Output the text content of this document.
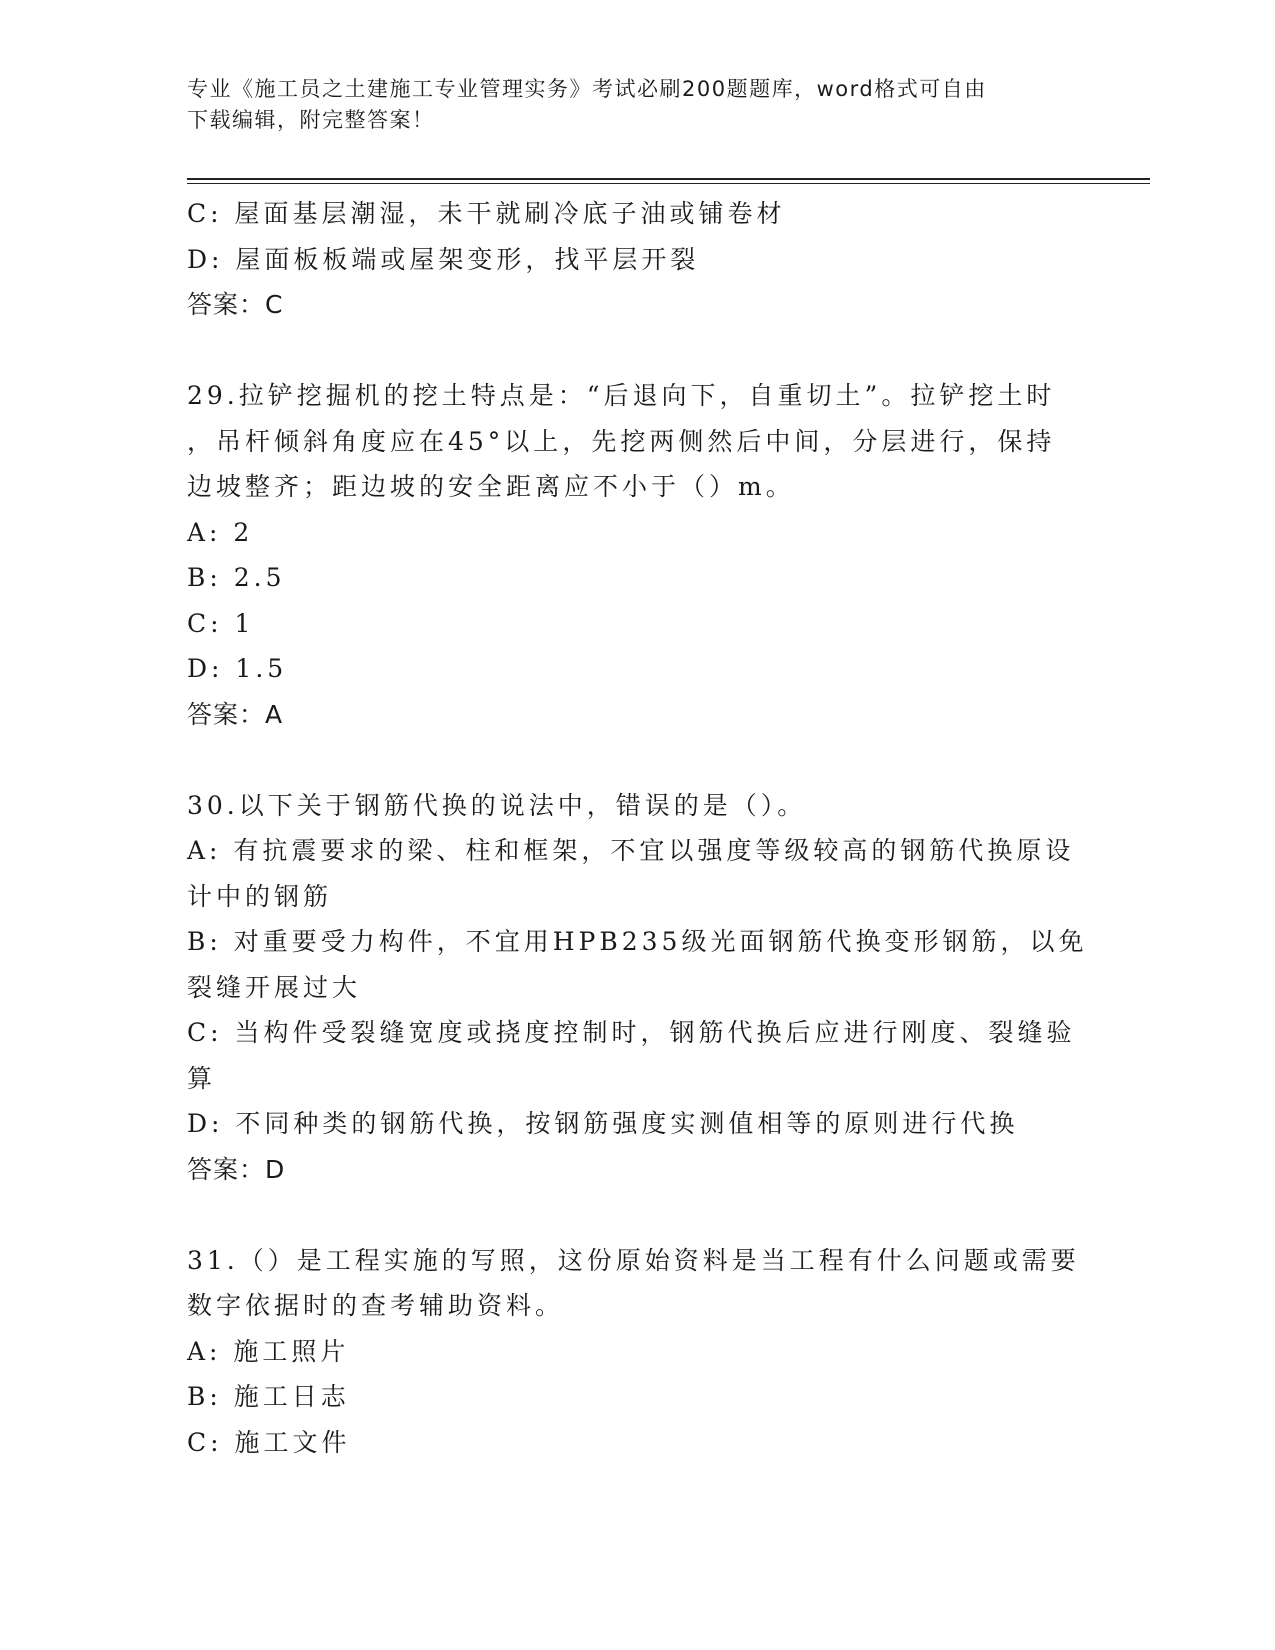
专业《施工员之土建施工专业管理实务》考试必刷200题题库，word格式可自由
下载编辑，附完整答案！
C: 屋面基层潮湿，未干就刷冷底子油或铺卷材
D: 屋面板板端或屋架变形，找平层开裂
答案：C
29.拉铲挖掘机的挖土特点是：“后退向下，自重切土”。拉铲挖土时
，吊杆倾斜角度应在45°以上，先挖两侧然后中间，分层进行，保持
边坡整齐；距边坡的安全距离应不小于（）m。
A: 2
B: 2.5
C: 1
D: 1.5
答案：A
30.以下关于钢筋代换的说法中，错误的是（）。
A: 有抗震要求的梁、柱和框架，不宜以强度等级较高的钢筋代换原设
计中的钢筋
B: 对重要受力构件，不宜用HPB235级光面钢筋代换变形钢筋，以免
裂缝开展过大
C: 当构件受裂缝宽度或挠度控制时，钢筋代换后应进行刚度、裂缝验
算
D: 不同种类的钢筋代换，按钢筋强度实测值相等的原则进行代换
答案：D
31.（）是工程实施的写照，这份原始资料是当工程有什么问题或需要
数字依据时的查考辅助资料。
A: 施工照片
B: 施工日志
C: 施工文件
